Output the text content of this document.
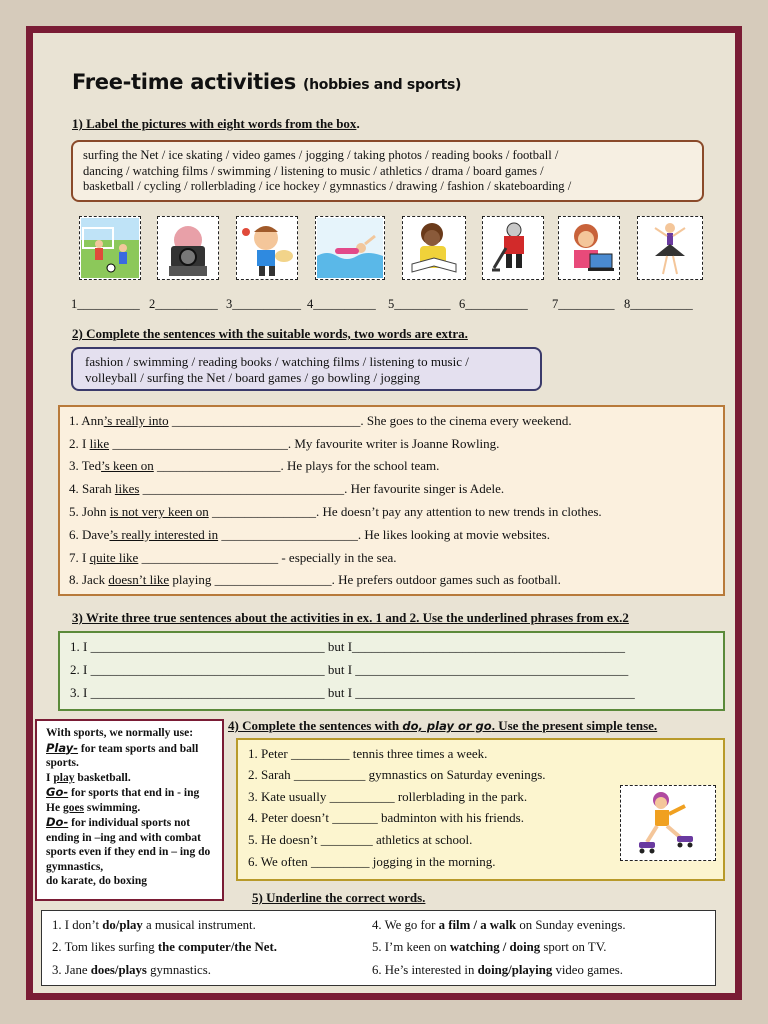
Free-time activities (hobbies and sports)
1) Label the pictures with eight words from the box.
surfing the Net / ice skating / video games / jogging / taking photos / reading books / football /
dancing / watching films / swimming / listening to music / athletics / drama / board games /
basketball / cycling / rollerblading / ice hockey / gymnastics / drawing / fashion / skateboarding /
1__________ 2__________ 3___________ 4__________ 5_________ 6__________ 7_________ 8__________
2) Complete the sentences with the suitable words, two words are extra.
fashion / swimming / reading books / watching films / listening to music /
volleyball / surfing the Net / board games / go bowling / jogging
1. Ann’s really into _____________________________. She goes to the cinema every weekend.
2. I like ___________________________. My favourite writer is Joanne Rowling.
3. Ted’s keen on ___________________. He plays for the school team.
4. Sarah likes _______________________________. Her favourite singer is Adele.
5. John is not very keen on ________________. He doesn’t pay any attention to new trends in clothes.
6. Dave’s really interested in _____________________. He likes looking at movie websites.
7. I quite like _____________________ - especially in the sea.
8. Jack doesn’t like playing __________________. He prefers outdoor games such as football.
3) Write three true sentences about the activities in ex. 1 and 2. Use the underlined phrases from ex.2
1. I ____________________________________ but I__________________________________________
2. I ____________________________________ but I __________________________________________
3. I ____________________________________ but I ___________________________________________
With sports, we normally use:
Play- for team sports and ball sports.
I play basketball.
Go- for sports that end in - ing He goes swimming.
Do- for individual sports not ending in –ing and with combat sports even if they end in – ing do gymnastics,
do karate, do boxing
4) Complete the sentences with do, play or go. Use the present simple tense.
1. Peter _________ tennis three times a week.
2. Sarah ___________ gymnastics on Saturday evenings.
3. Kate usually __________ rollerblading in the park.
4. Peter doesn’t _______ badminton with his friends.
5. He doesn’t ________ athletics at school.
6. We often _________ jogging in the morning.
5) Underline the correct words.
1. I don’t do/play a musical instrument.
2. Tom likes surfing the computer/the Net.
3. Jane does/plays gymnastics.
4. We go for a film / a walk on Sunday evenings.
5. I’m keen on watching / doing sport on TV.
6. He’s interested in doing/playing video games.
